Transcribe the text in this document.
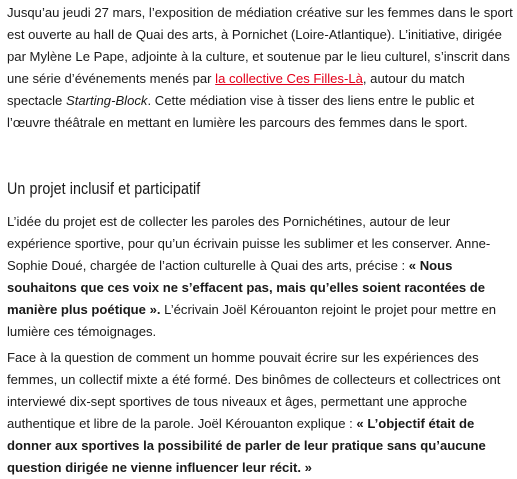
Jusqu’au jeudi 27 mars, l’exposition de médiation créative sur les femmes dans le sport est ouverte au hall de Quai des arts, à Pornichet (Loire-Atlantique). L’initiative, dirigée par Mylène Le Pape, adjointe à la culture, et soutenue par le lieu culturel, s’inscrit dans une série d’événements menés par la collective Ces Filles-Là, autour du match spectacle Starting-Block. Cette médiation vise à tisser des liens entre le public et l’œuvre théâtrale en mettant en lumière les parcours des femmes dans le sport.

Un projet inclusif et participatif

L’idée du projet est de collecter les paroles des Pornichétines, autour de leur expérience sportive, pour qu’un écrivain puisse les sublimer et les conserver. Anne-Sophie Doué, chargée de l’action culturelle à Quai des arts, précise : « Nous souhaitons que ces voix ne s’effacent pas, mais qu’elles soient racontées de manière plus poétique ». L’écrivain Joël Kérouanton rejoint le projet pour mettre en lumière ces témoignages.

Face à la question de comment un homme pouvait écrire sur les expériences des femmes, un collectif mixte a été formé. Des binômes de collecteurs et collectrices ont interviewé dix-sept sportives de tous niveaux et âges, permettant une approche authentique et libre de la parole. Joël Kérouanton explique : « L’objectif était de donner aux sportives la possibilité de parler de leur pratique sans qu’aucune question dirigée ne vienne influencer leur récit. »
